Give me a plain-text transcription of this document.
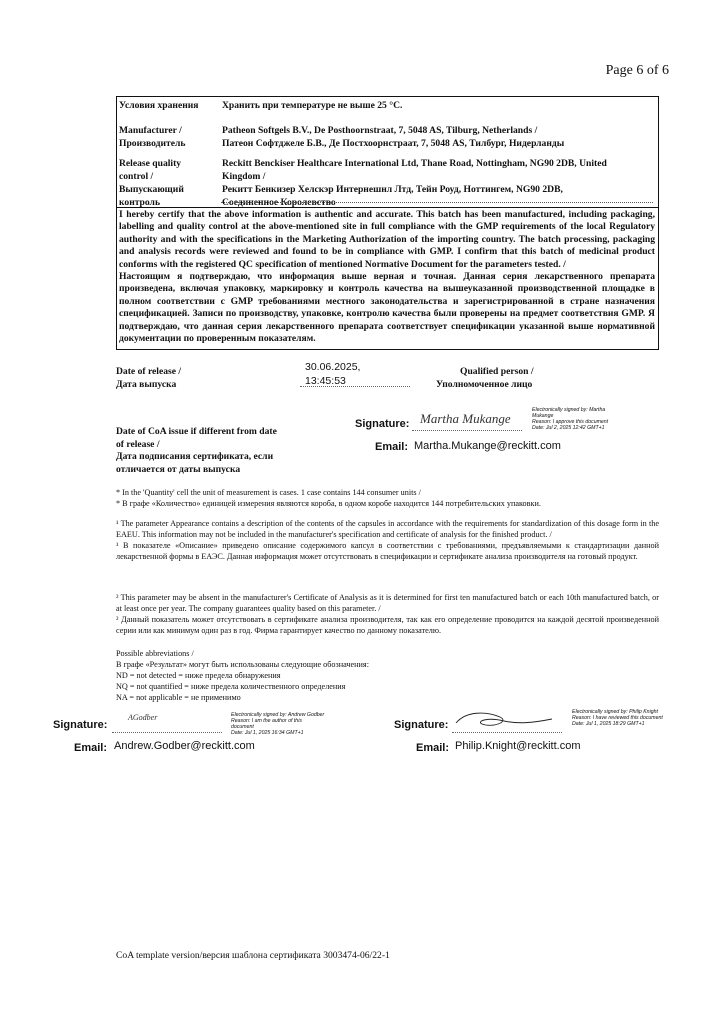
Page 6 of 6
Условия хранения	Хранить при температуре не выше 25 °С.
Manufacturer /
Производитель
Patheon Softgels B.V., De Posthoornstraat, 7, 5048 AS, Tilburg, Netherlands /
Патеон Софтджеле Б.В., Де Постхоорнстраат, 7, 5048 AS, Тилбург, Нидерланды
Release quality
control /
Выпускающий
контроль
Reckitt Benckiser Healthcare International Ltd, Thane Road, Nottingham, NG90 2DB, United
Kingdom /
Рекитт Бенкизер Хелскэр Интернешнл Лтд, Тейн Роуд, Ноттингем, NG90 2DB,
Соединенное Королевство
I hereby certify that the above information is authentic and accurate. This batch has been manufactured, including packaging, labelling and quality control at the above-mentioned site in full compliance with the GMP requirements of the local Regulatory authority and with the specifications in the Marketing Authorization of the importing country. The batch processing, packaging and analysis records were reviewed and found to be in compliance with GMP. I confirm that this batch of medicinal product conforms with the registered QC specification of mentioned Normative Document for the parameters tested. /
Настоящим я подтверждаю, что информация выше верная и точная. Данная серия лекарственного препарата произведена, включая упаковку, маркировку и контроль качества на вышеуказанной производственной площадке в полном соответствии с GMP требованиями местного законодательства и зарегистрированной в стране назначения спецификацией. Записи по производству, упаковке, контролю качества были проверены на предмет соответствия GMP. Я подтверждаю, что данная серия лекарственного препарата соответствует спецификации указанной выше нормативной документации по проверенным показателям.
Date of release /
Дата выпуска
30.06.2025,
13:45:53
Qualified person /
Уполномоченное лицо
Date of CoA issue if different from date
of release /
Дата подписания сертификата, если
отличается от даты выпуска
Signature: Martha Mukange
Electronically signed by: Martha
Mukange
Reason: I approve this document
Date: Jul 2, 2025 12:42 GMT+1
Email: Martha.Mukange@reckitt.com
* In the 'Quantity' cell the unit of measurement is cases. 1 case contains 144 consumer units /
* В графе «Количество» единицей измерения являются короба, в одном коробе находится 144 потребительских упаковки.
¹ The parameter Appearance contains a description of the contents of the capsules in accordance with the requirements for standardization of this dosage form in the EAEU. This information may not be included in the manufacturer's specification and certificate of analysis for the finished product. /
¹ В показателе «Описание» приведено описание содержимого капсул в соответствии с требованиями, предъявляемыми к стандартизации данной лекарственной формы в ЕАЭС. Данная информация может отсутствовать в спецификации и сертификате анализа производителя на готовый продукт.
² This parameter may be absent in the manufacturer's Certificate of Analysis as it is determined for first ten manufactured batch or each 10th manufactured batch, or at least once per year. The company guarantees quality based on this parameter. /
² Данный показатель может отсутствовать в сертификате анализа производителя, так как его определение проводится на каждой десятой произведенной серии или как минимум один раз в год. Фирма гарантирует качество по данному показателю.
Possible abbreviations /
В графе «Результат» могут быть использованы следующие обозначения:
ND = not detected = ниже предела обнаружения
NQ = not quantified = ниже предела количественного определения
NA = not applicable = не применимо
Signature:
AGodber	Electronically signed by: Andrew Godber
Reason: I am the author of this
document
Date: Jul 1, 2025 16:34 GMT+1
Email: Andrew.Godber@reckitt.com
Signature:
Electronically signed by: Philip Knight
Reason: I have reviewed this document
Date: Jul 1, 2025 18:29 GMT+1
Email: Philip.Knight@reckitt.com
CoA template version/версия шаблона сертификата 3003474-06/22-1
